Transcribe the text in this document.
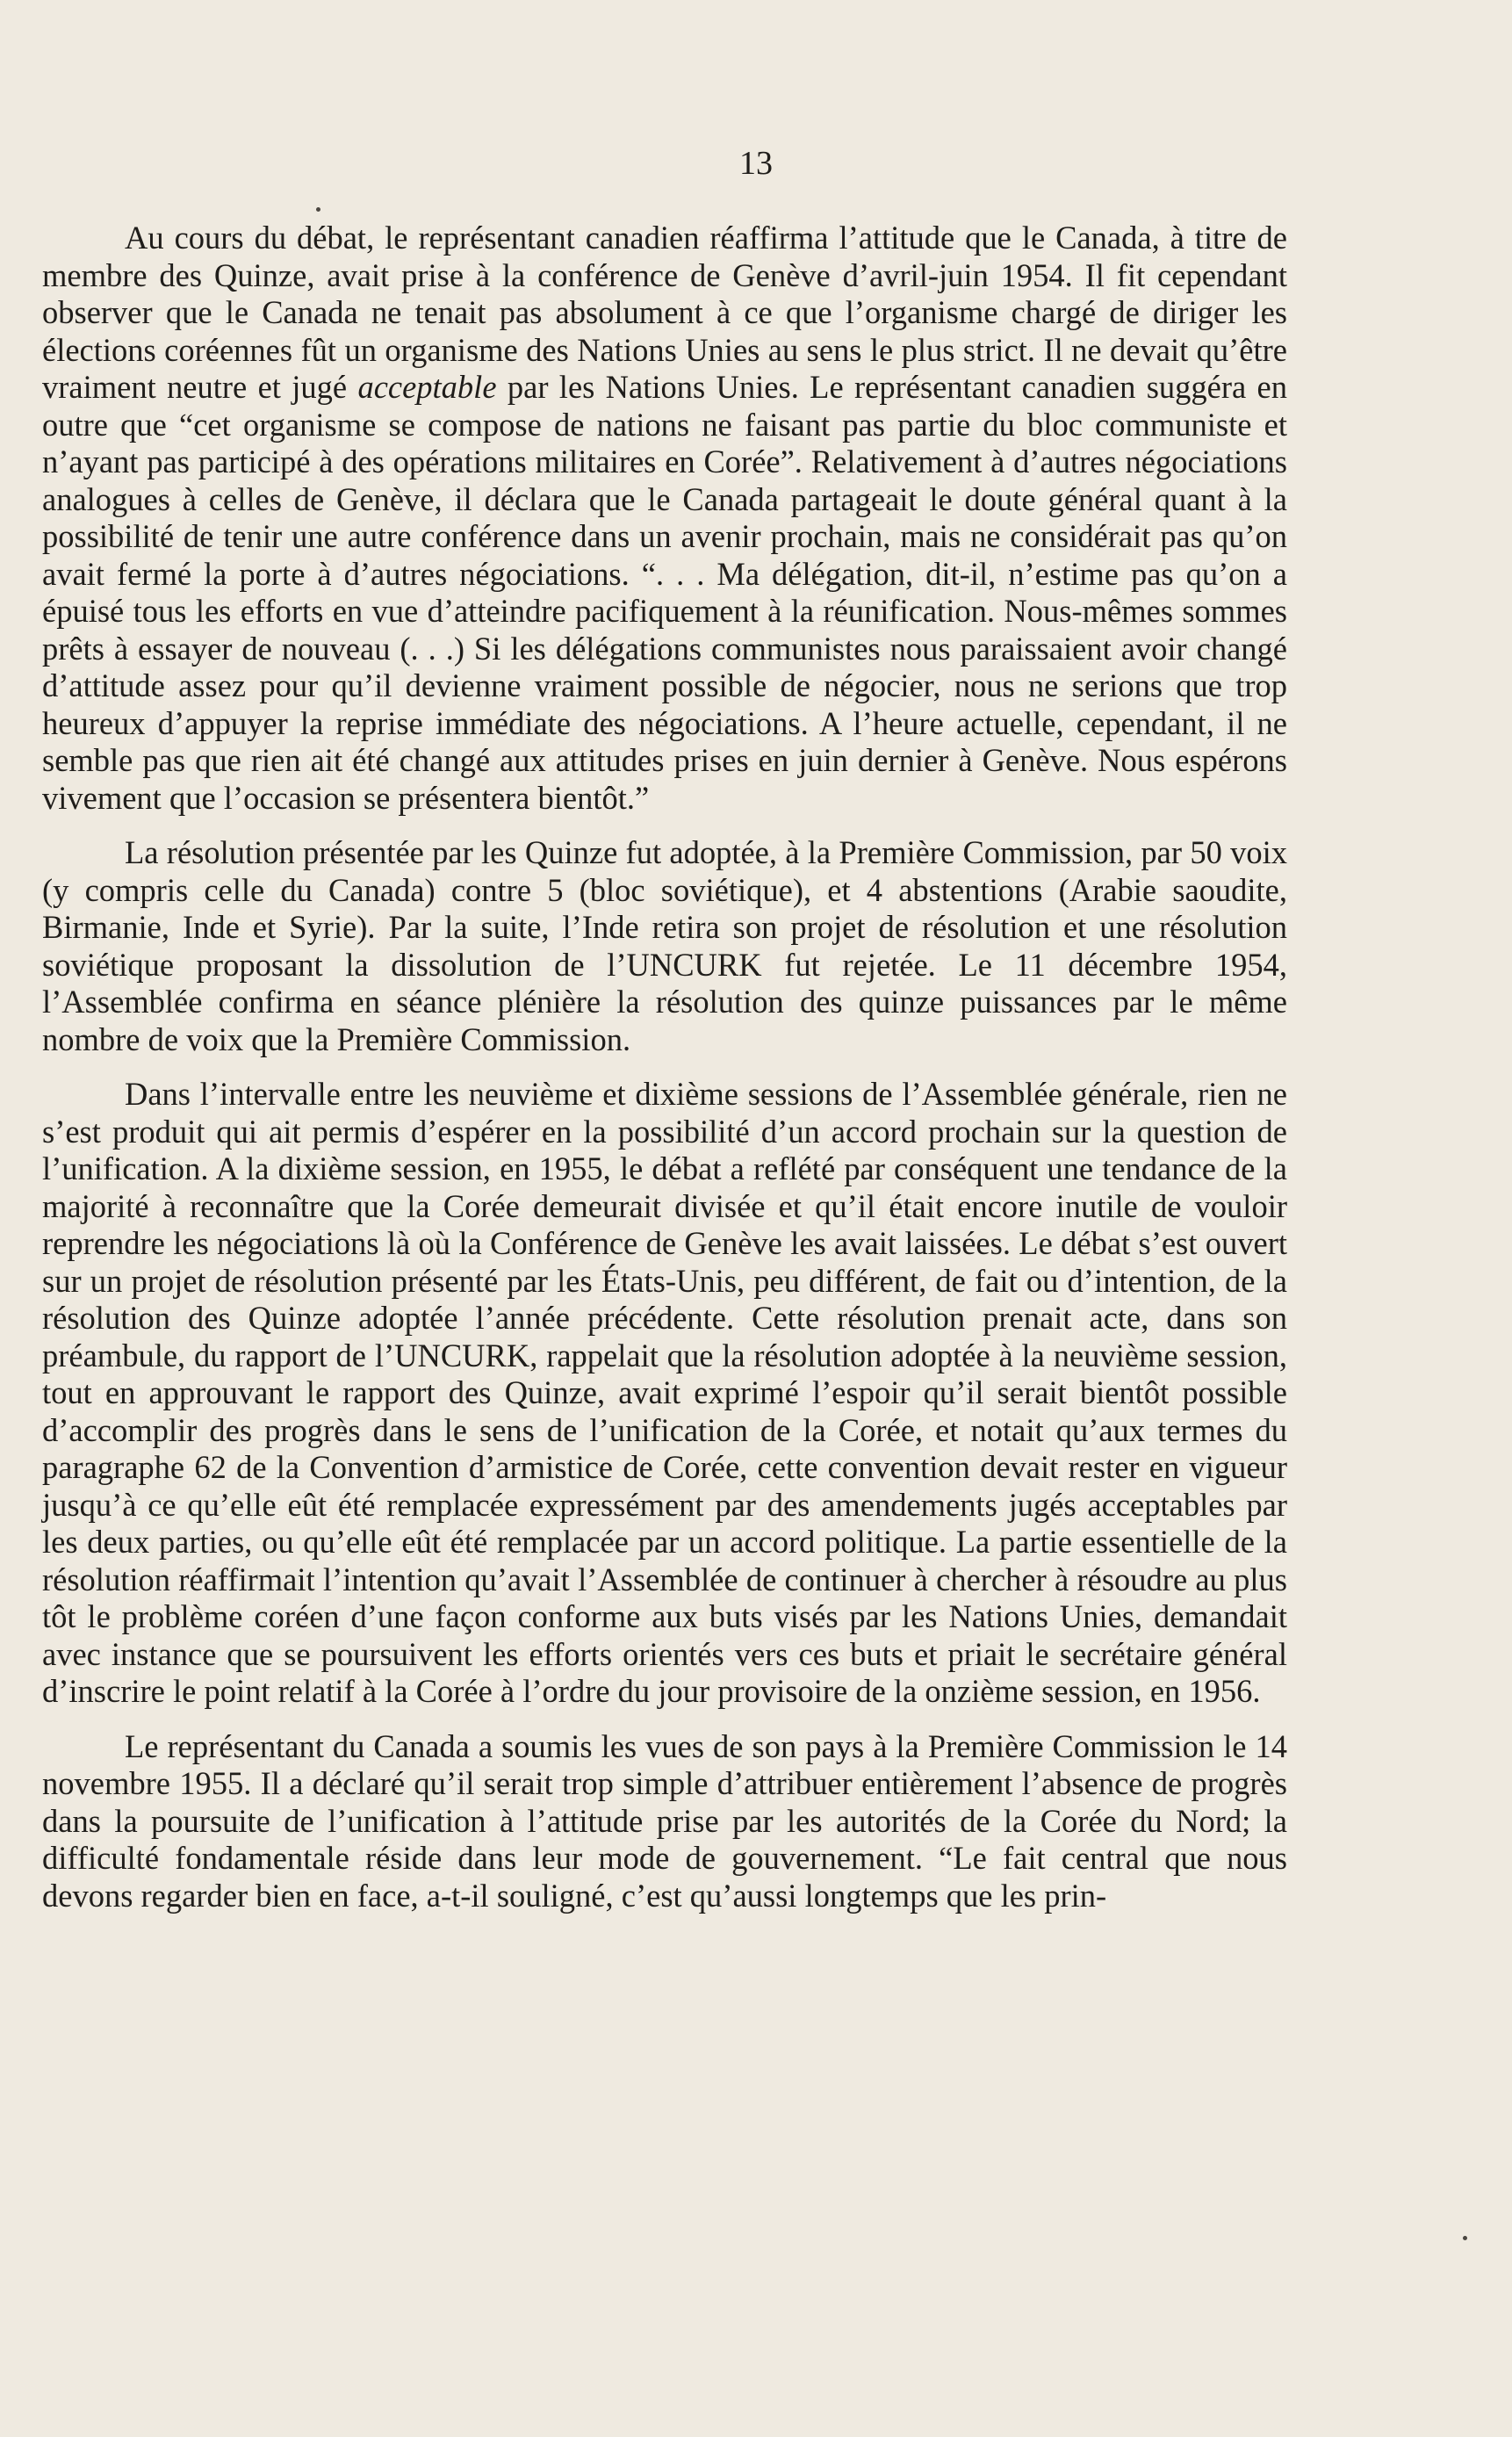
13

Au cours du débat, le représentant canadien réaffirma l’attitude que le Canada, à titre de membre des Quinze, avait prise à la conférence de Genève d’avril-juin 1954. Il fit cependant observer que le Canada ne tenait pas absolument à ce que l’organisme chargé de diriger les élections coréennes fût un organisme des Nations Unies au sens le plus strict. Il ne devait qu’être vraiment neutre et jugé acceptable par les Nations Unies. Le représentant canadien suggéra en outre que “cet organisme se compose de nations ne faisant pas partie du bloc communiste et n’ayant pas participé à des opérations militaires en Corée”. Relativement à d’autres négociations analogues à celles de Genève, il déclara que le Canada partageait le doute général quant à la possibilité de tenir une autre conférence dans un avenir prochain, mais ne considérait pas qu’on avait fermé la porte à d’autres négociations. “. . . Ma délégation, dit-il, n’estime pas qu’on a épuisé tous les efforts en vue d’atteindre pacifiquement à la réunification. Nous-mêmes sommes prêts à essayer de nouveau (. . .) Si les délégations communistes nous paraissaient avoir changé d’attitude assez pour qu’il devienne vraiment possible de négocier, nous ne serions que trop heureux d’appuyer la reprise immédiate des négociations. A l’heure actuelle, cependant, il ne semble pas que rien ait été changé aux attitudes prises en juin dernier à Genève. Nous espérons vivement que l’occasion se présentera bientôt.”

La résolution présentée par les Quinze fut adoptée, à la Première Commission, par 50 voix (y compris celle du Canada) contre 5 (bloc soviétique), et 4 abstentions (Arabie saoudite, Birmanie, Inde et Syrie). Par la suite, l’Inde retira son projet de résolution et une résolution soviétique proposant la dissolution de l’UNCURK fut rejetée. Le 11 décembre 1954, l’Assemblée confirma en séance plénière la résolution des quinze puissances par le même nombre de voix que la Première Commission.

Dans l’intervalle entre les neuvième et dixième sessions de l’Assemblée générale, rien ne s’est produit qui ait permis d’espérer en la possibilité d’un accord prochain sur la question de l’unification. A la dixième session, en 1955, le débat a reflété par conséquent une tendance de la majorité à reconnaître que la Corée demeurait divisée et qu’il était encore inutile de vouloir reprendre les négociations là où la Conférence de Genève les avait laissées. Le débat s’est ouvert sur un projet de résolution présenté par les États-Unis, peu différent, de fait ou d’intention, de la résolution des Quinze adoptée l’année précédente. Cette résolution prenait acte, dans son préambule, du rapport de l’UNCURK, rappelait que la résolution adoptée à la neuvième session, tout en approuvant le rapport des Quinze, avait exprimé l’espoir qu’il serait bientôt possible d’accomplir des progrès dans le sens de l’unification de la Corée, et notait qu’aux termes du paragraphe 62 de la Convention d’armistice de Corée, cette convention devait rester en vigueur jusqu’à ce qu’elle eût été remplacée expressément par des amendements jugés acceptables par les deux parties, ou qu’elle eût été remplacée par un accord politique. La partie essentielle de la résolution réaffirmait l’intention qu’avait l’Assemblée de continuer à chercher à résoudre au plus tôt le problème coréen d’une façon conforme aux buts visés par les Nations Unies, demandait avec instance que se poursuivent les efforts orientés vers ces buts et priait le secrétaire général d’inscrire le point relatif à la Corée à l’ordre du jour provisoire de la onzième session, en 1956.

Le représentant du Canada a soumis les vues de son pays à la Première Commission le 14 novembre 1955. Il a déclaré qu’il serait trop simple d’attribuer entièrement l’absence de progrès dans la poursuite de l’unification à l’attitude prise par les autorités de la Corée du Nord; la difficulté fondamentale réside dans leur mode de gouvernement. “Le fait central que nous devons regarder bien en face, a-t-il souligné, c’est qu’aussi longtemps que les prin-
